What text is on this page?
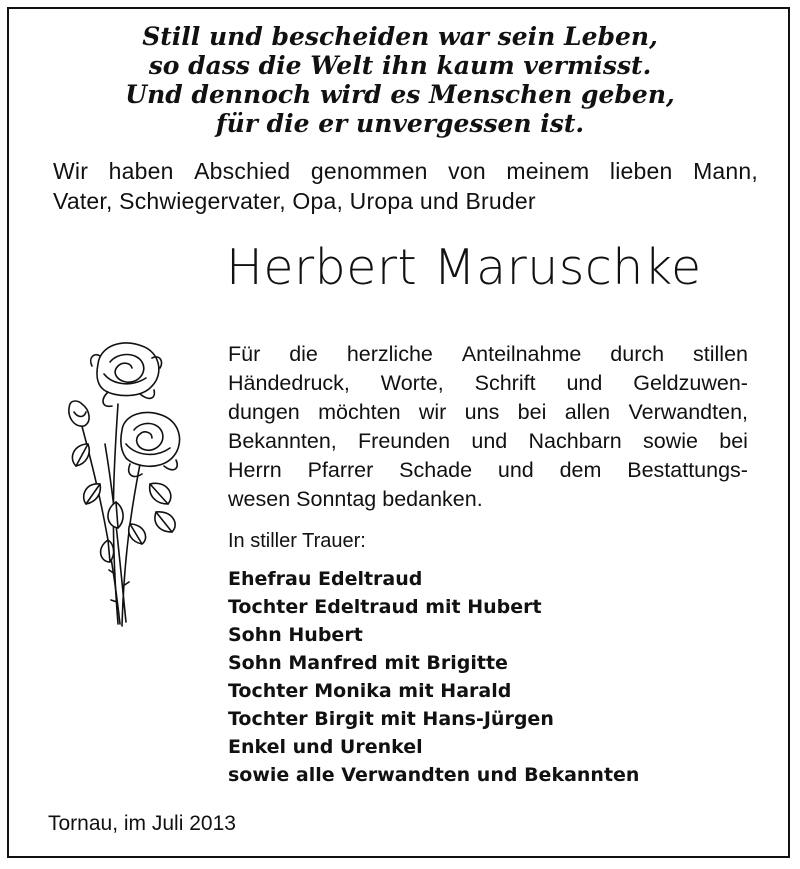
Still und bescheiden war sein Leben,
so dass die Welt ihn kaum vermisst.
Und dennoch wird es Menschen geben,
für die er unvergessen ist.
Wir haben Abschied genommen von meinem lieben Mann,
Vater, Schwiegervater, Opa, Uropa und Bruder
Herbert Maruschke
Für die herzliche Anteilnahme durch stillen
Händedruck, Worte, Schrift und Geldzuwen-
dungen möchten wir uns bei allen Verwandten,
Bekannten, Freunden und Nachbarn sowie bei
Herrn Pfarrer Schade und dem Bestattungs-
wesen Sonntag bedanken.
In stiller Trauer:
Ehefrau Edeltraud
Tochter Edeltraud mit Hubert
Sohn Hubert
Sohn Manfred mit Brigitte
Tochter Monika mit Harald
Tochter Birgit mit Hans-Jürgen
Enkel und Urenkel
sowie alle Verwandten und Bekannten
Tornau, im Juli 2013
